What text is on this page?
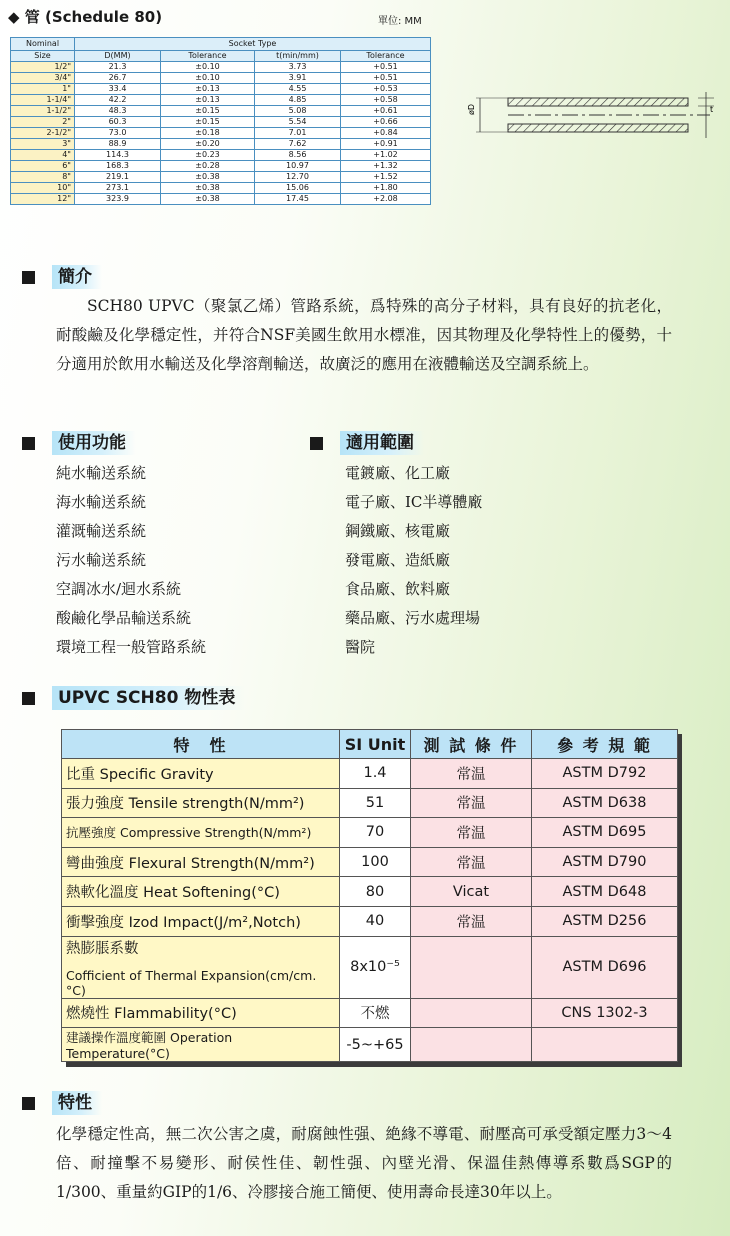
◆ 管 (Schedule 80)	單位: MM
Nominal	Socket Type			
Size	D(MM)	Tolerance	t(min/mm)	Tolerance
1/2"	21.3	±0.10	3.73	+0.51
3/4"	26.7	±0.10	3.91	+0.51
1"	33.4	±0.13	4.55	+0.53
1-1/4"	42.2	±0.13	4.85	+0.58
1-1/2"	48.3	±0.15	5.08	+0.61
2"	60.3	±0.15	5.54	+0.66
2-1/2"	73.0	±0.18	7.01	+0.84
3"	88.9	±0.20	7.62	+0.91
4"	114.3	±0.23	8.56	+1.02
6"	168.3	±0.28	10.97	+1.32
8"	219.1	±0.38	12.70	+1.52
10"	273.1	±0.38	15.06	+1.80
12"	323.9	±0.38	17.45	+2.08
øD	t
簡介

SCH80 UPVC（聚氯乙烯）管路系統，爲特殊的高分子材料，具有良好的抗老化，耐酸鹼及化學穩定性，并符合NSF美國生飲用水標准，因其物理及化學特性上的優勢，十分適用於飲用水輸送及化學溶劑輸送，故廣泛的應用在液體輸送及空調系統上。

使用功能
純水輸送系統
海水輸送系統
灌溉輸送系統
污水輸送系統
空調冰水/迴水系統
酸鹼化學品輸送系統
環境工程一般管路系統
適用範圍
電鍍廠、化工廠
電子廠、IC半導體廠
鋼鐵廠、核電廠
發電廠、造紙廠
食品廠、飲料廠
藥品廠、污水處理場
醫院
UPVC SCH80 物性表
特　性	SI Unit	測 試 條 件	參 考 規 範
比重 Specific Gravity	1.4	常温	ASTM D792
張力強度 Tensile strength(N/mm²)	51	常温	ASTM D638
抗壓強度 Compressive Strength(N/mm²)	70	常温	ASTM D695
彎曲強度 Flexural Strength(N/mm²)	100	常温	ASTM D790
熱軟化溫度 Heat Softening(°C)	80	Vicat	ASTM D648
衝擊強度 Izod Impact(J/m²,Notch)	40	常温	ASTM D256

熱膨脹系數
Cofficient of Thermal Expansion(cm/cm.°C)	8x10⁻⁵		ASTM D696
燃燒性 Flammability(°C)	不燃		CNS 1302-3
建議操作溫度範圍 Operation Temperature(°C)	-5~+65		
特性

化學穩定性高，無二次公害之虞，耐腐蝕性强、絶緣不導電、耐壓高可承受額定壓力3～4倍、耐撞擊不易變形、耐侯性佳、韌性强、內壁光滑、保溫佳熱傳導系數爲SGP的1/300、重量約GIP的1/6、冷膠接合施工簡便、使用壽命長達30年以上。
